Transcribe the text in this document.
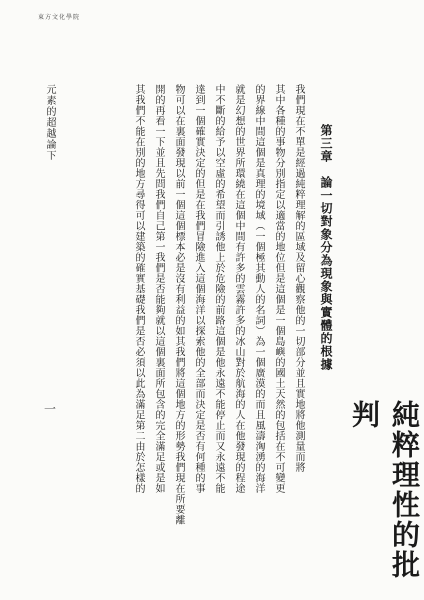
東方文化學院
純粹理性的批判
第三章　論一切對象分為現象與實體的根據
我們現在不單是經過純粹理解的區域及留心觀察他的一切部分並且實地將他測量而將
其中各種的事物分別指定以適當的地位但是這個是一個島嶼的國土天然的包括在不可變更
的界線中間這個是真理的境域（一個極其動人的名詞）為一個廣漠的而且風濤洶湧的海洋
就是幻想的世界所環繞在這個中間有許多的雲霧許多的冰山對於航海的人在他發現的程途
中不斷的給予以空虛的希望而引誘他上於危險的前路這個是他永遠不能停止而又永遠不能
達到一個確實決定的但是在我們冒險進入這個海洋以探索他的全部而決定是否有何種的事
物可以在裏面發現以前一個這個標本必是沒有利益的如其我們將這個地方的形勢我們現在所要離
開的再看一下並且先問我們自己第一我們是否能夠就以這個裏面所包含的完全滿足或是如
其我們不能在別的地方尋得可以建築的確實基礎我們是否必須以此為滿足第二由於怎樣的
元素的超越論下
一
